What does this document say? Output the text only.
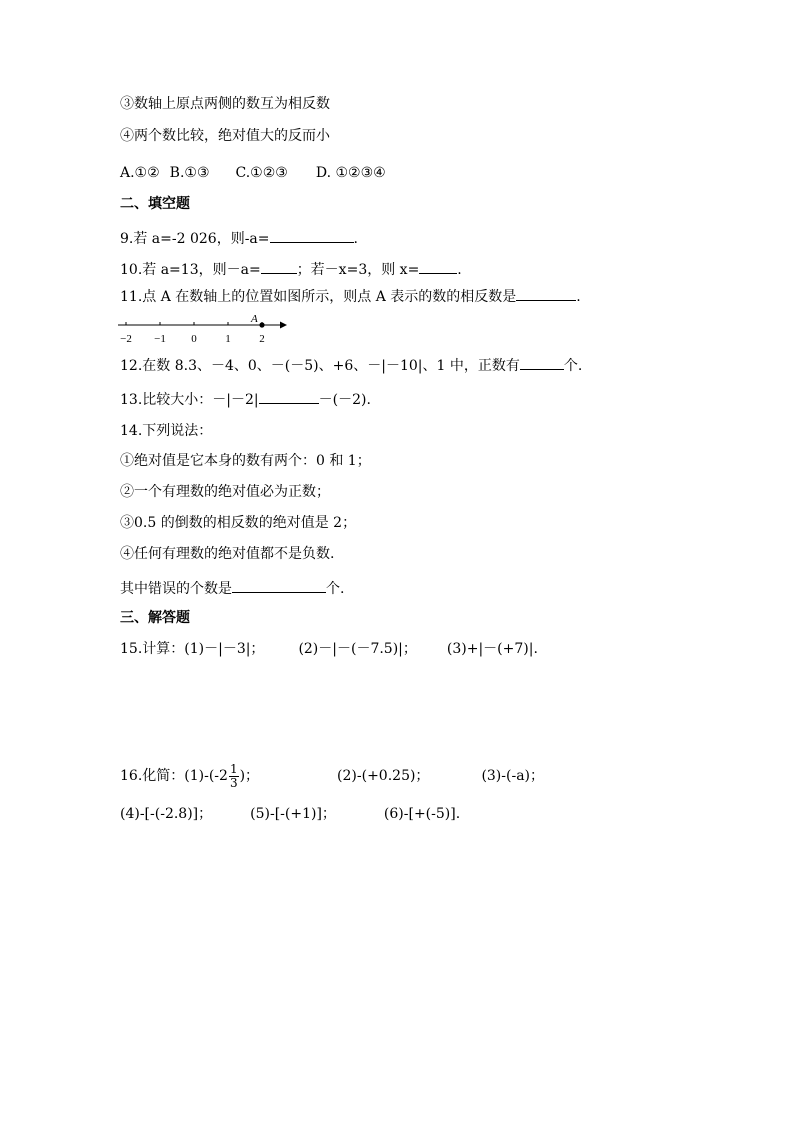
③数轴上原点两侧的数互为相反数
④两个数比较，绝对值大的反而小
A.①② B.①③ C.①②③ D. ①②③④
二、填空题
9.若 a=-2 026，则-a=	.
10.若 a=13，则－a=	；若－x=3，则 x=	.
11.点 A 在数轴上的位置如图所示，则点 A 表示的数的相反数是	.
−2 −1 0	1	2
A
12.在数 8.3、－4、0、－(－5)、+6、－|－10|、1 中，正数有	个.
13.比较大小：－|－2|	－(－2).
14.下列说法：
①绝对值是它本身的数有两个：0 和 1；
②一个有理数的绝对值必为正数；
③0.5 的倒数的相反数的绝对值是 2；
④任何有理数的绝对值都不是负数.
其中错误的个数是	个.
三、解答题
15.计算：(1)－|－3|； (2)－|－(－7.5)|； (3)+|－(+7)|.
16.化简：$(1)-(-2 \frac{1}{3}$ )；	(2)-(+0.25)；	(3)-(-a)；
(4)-[-(-2.8)]；	(5)-[-(+1)]；	(6)-[+(-5)].
